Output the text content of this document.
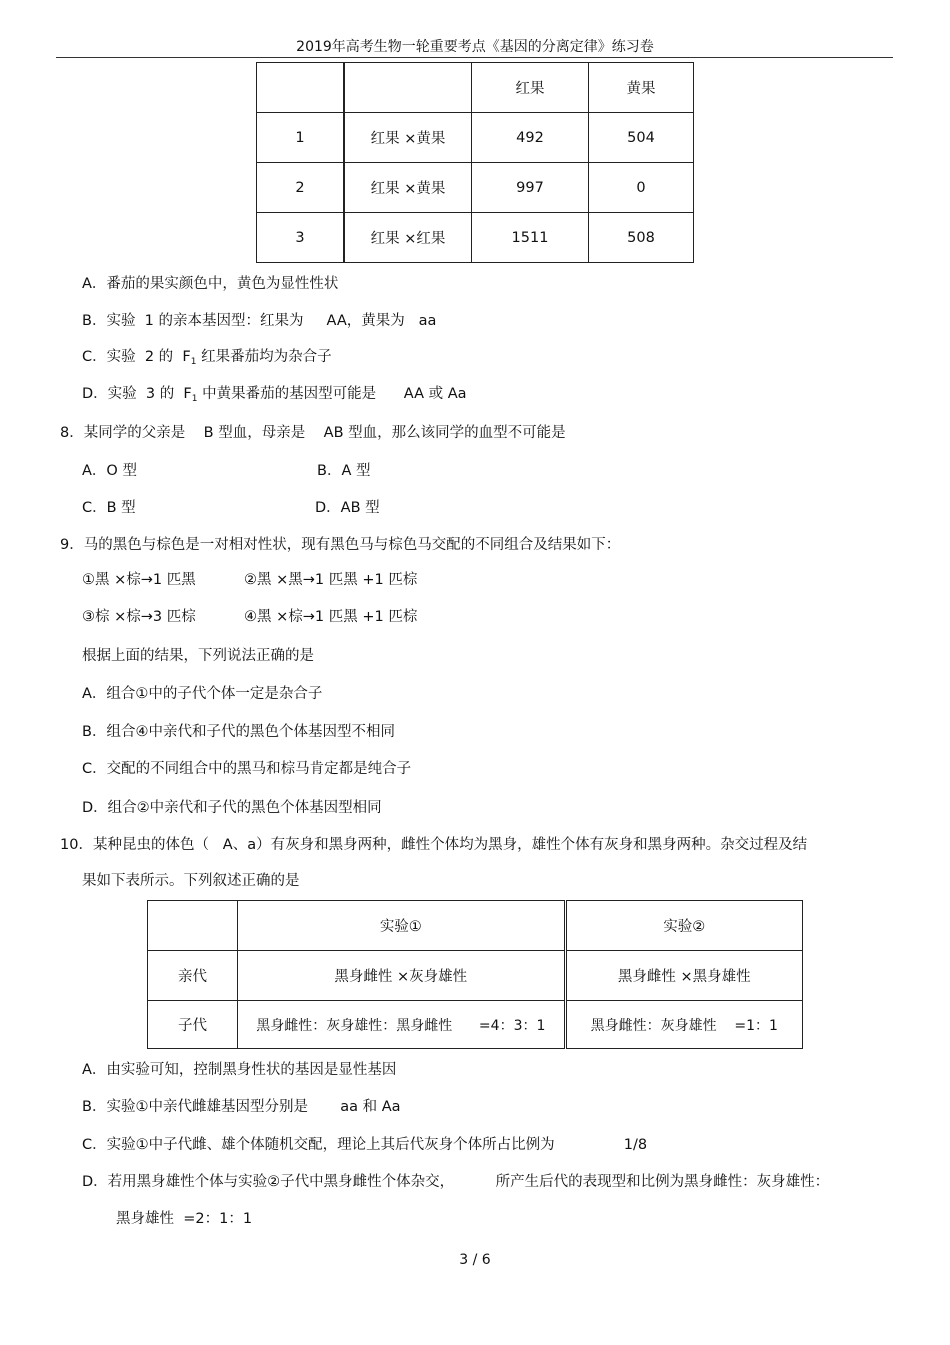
2019年高考生物一轮重要考点《基因的分离定律》练习卷
		红果	黄果
1	红果 ×黄果	492	504
2	红果 ×黄果	997	0
3	红果 ×红果	1511	508
A．番茄的果实颜色中，黄色为显性性状
B．实验  1 的亲本基因型：红果为     AA，黄果为   aa
C．实验  2 的  $F_1$ 红果番茄均为杂合子
D．实验  3 的  $F_1$ 中黄果番茄的基因型可能是      AA 或 Aa
8．某同学的父亲是    B 型血，母亲是    AB 型血，那么该同学的血型不可能是
A．O 型	B．A 型
C．B 型	D．AB 型
9．马的黑色与棕色是一对相对性状，现有黑色马与棕色马交配的不同组合及结果如下：
①黑 ×棕→1 匹黑	②黑 ×黑→1 匹黑 +1 匹棕
③棕 ×棕→3 匹棕	④黑 ×棕→1 匹黑 +1 匹棕
根据上面的结果，下列说法正确的是
A．组合①中的子代个体一定是杂合子
B．组合④中亲代和子代的黑色个体基因型不相同
C．交配的不同组合中的黑马和棕马肯定都是纯合子
D．组合②中亲代和子代的黑色个体基因型相同
10．某种昆虫的体色（   A、a）有灰身和黑身两种，雌性个体均为黑身，雄性个体有灰身和黑身两种。杂交过程及结
果如下表所示。下列叙述正确的是
	实验①	实验②
亲代	黑身雌性 ×灰身雄性	黑身雌性 ×黑身雄性
子代	黑身雌性：灰身雄性：黑身雌性      =4：3：1	黑身雌性：灰身雄性    =1：1
A．由实验可知，控制黑身性状的基因是显性基因
B．实验①中亲代雌雄基因型分别是       aa 和 Aa
C．实验①中子代雌、雄个体随机交配，理论上其后代灰身个体所占比例为               1/8
D．若用黑身雄性个体与实验②子代中黑身雌性个体杂交，         所产生后代的表现型和比例为黑身雌性：灰身雄性：
黑身雄性  =2：1：1
3 / 6
